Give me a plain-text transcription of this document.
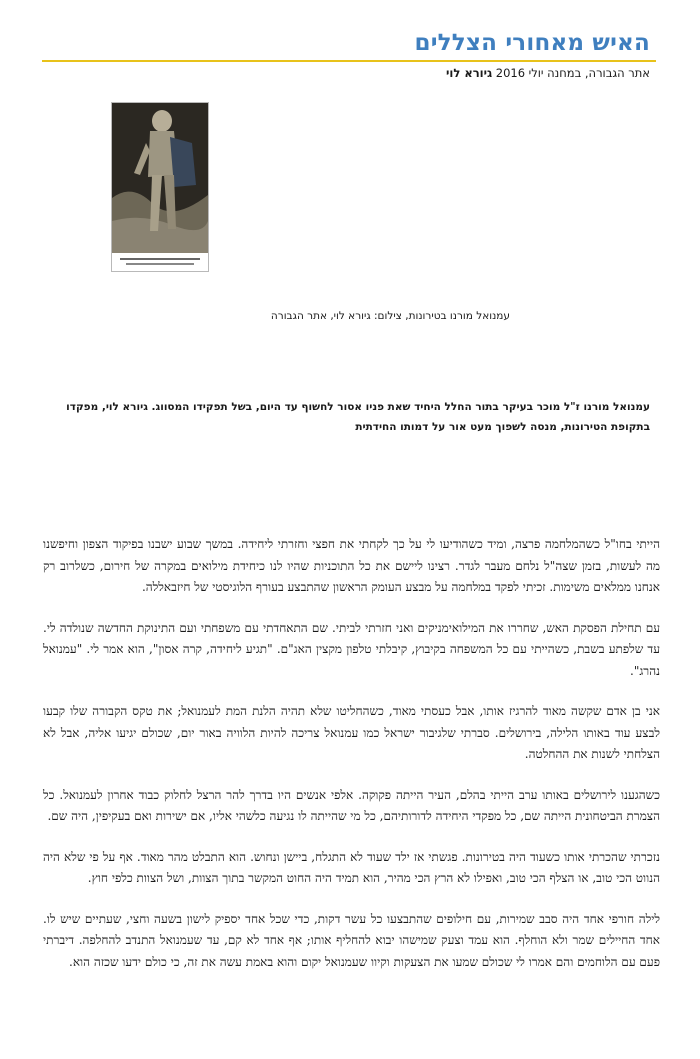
האיש מאחורי הצללים
אתר הגבורה, במחנה יולי 2016 גיורא לוי
עמנואל מורנו בטירונות, צילום: גיורא לוי, אתר הגבורה
עמנואל מורנו ז"ל מוכר בעיקר בתור החלל היחיד שאת פניו אסור לחשוף עד היום, בשל תפקידו המסווג. גיורא לוי, מפקדו בתקופת הטירונות, מנסה לשפוך מעט אור על דמותו החידתית

הייתי בחו"ל כשהמלחמה פרצה, ומיד כשהודיעו לי על כך לקחתי את חפצי וחזרתי ליחידה. במשך שבוע ישבנו בפיקוד הצפון וחיפשנו מה לעשות, בזמן שצה"ל נלחם מעבר לגדר. רצינו ליישם את כל התוכניות שהיו לנו כיחידת מילואים במקרה של חירום, כשלרוב רק אנחנו ממלאים משימות. זכיתי לפקד במלחמה על מבצע העומק הראשון שהתבצע בעורף הלוגיסטי של חיזבאללה.

עם תחילת הפסקת האש, שחררו את המילואימניקים ואני חזרתי לביתי. שם התאחדתי עם משפחתי ועם התינוקת החדשה שנולדה לי. עד שלפתע בשבת, כשהייתי עם כל המשפחה בקיבוץ, קיבלתי טלפון מקצין האג"ם. "תגיע ליחידה, קרה אסון", הוא אמר לי. "עמנואל נהרג".

אני בן אדם שקשה מאוד להרגיז אותו, אבל כעסתי מאוד, כשהחליטו שלא תהיה הלנת המת לעמנואל; את טקס הקבורה שלו קבעו לבצע עוד באותו הלילה, בירושלים. סברתי שלגיבור ישראל כמו עמנואל צריכה להיות הלוויה באור יום, שכולם יגיעו אליה, אבל לא הצלחתי לשנות את ההחלטה.

כשהגענו לירושלים באותו ערב הייתי בהלם, העיר הייתה פקוקה. אלפי אנשים היו בדרך להר הרצל לחלוק כבוד אחרון לעמנואל. כל הצמרת הביטחונית הייתה שם, כל מפקדי היחידה לדורותיהם, כל מי שהייתה לו נגיעה כלשהי אליו, אם ישירות ואם בעקיפין, היה שם.

נזכרתי שהכרתי אותו כשעוד היה בטירונות. פגשתי אז ילד שעוד לא התגלח, ביישן ונחוש. הוא התבלט מהר מאוד. אף על פי שלא היה הנווט הכי טוב, או הצלף הכי טוב, ואפילו לא הרץ הכי מהיר, הוא תמיד היה החוט המקשר בתוך הצוות, ושל הצוות כלפי חוץ.

לילה חורפי אחד היה סבב שמירות, עם חילופים שהתבצעו כל עשר דקות, כדי שכל אחד יספיק לישון בשעה וחצי, שעתיים שיש לו. אחד החיילים שמר ולא הוחלף. הוא עמד וצעק שמישהו יבוא להחליף אותו; אף אחד לא קם, עד שעמנואל התנדב להחלפה. דיברתי פעם עם הלוחמים והם אמרו לי שכולם שמעו את הצעקות וקיוו שעמנואל יקום והוא באמת עשה את זה, כי כולם ידעו שכזה הוא.
